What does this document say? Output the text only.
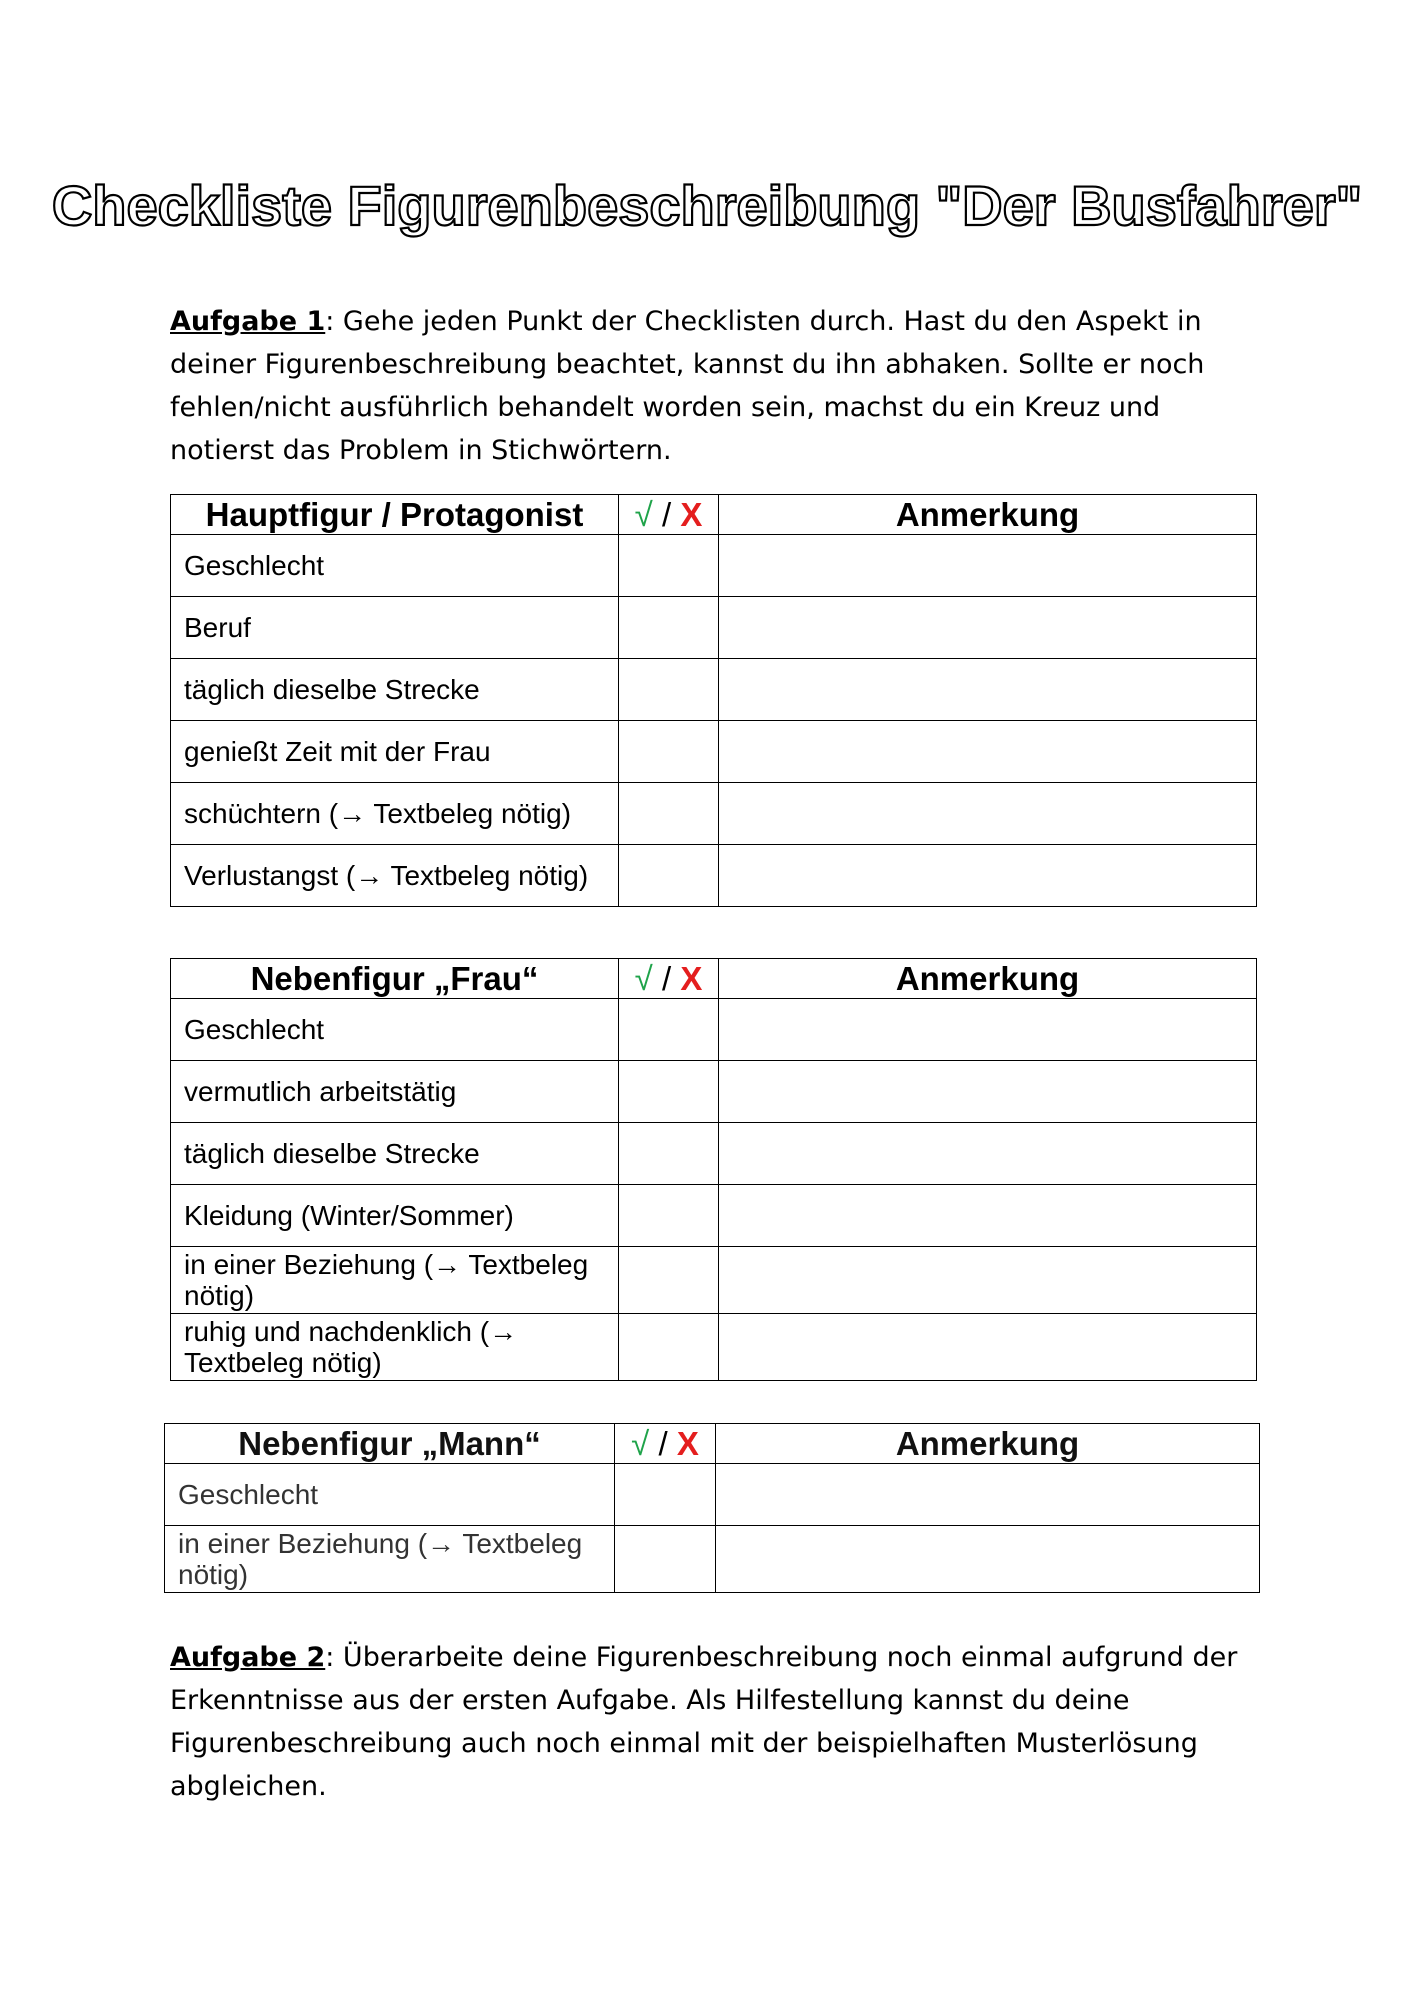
Checkliste Figurenbeschreibung "Der Busfahrer"
Aufgabe 1: Gehe jeden Punkt der Checklisten durch. Hast du den Aspekt in deiner Figurenbeschreibung beachtet, kannst du ihn abhaken. Sollte er noch fehlen/nicht ausführlich behandelt worden sein, machst du ein Kreuz und notierst das Problem in Stichwörtern.
Hauptfigur / Protagonist	√ / X	Anmerkung
Geschlecht		
Beruf		
täglich dieselbe Strecke		
genießt Zeit mit der Frau		
schüchtern (→ Textbeleg nötig)		
Verlustangst (→ Textbeleg nötig)		
Nebenfigur „Frau“	√ / X	Anmerkung
Geschlecht		
vermutlich arbeitstätig		
täglich dieselbe Strecke		
Kleidung (Winter/Sommer)		
in einer Beziehung (→ Textbeleg nötig)		
ruhig und nachdenklich (→ Textbeleg nötig)		
Nebenfigur „Mann“	√ / X	Anmerkung
Geschlecht		
in einer Beziehung (→ Textbeleg nötig)		
Aufgabe 2: Überarbeite deine Figurenbeschreibung noch einmal aufgrund der Erkenntnisse aus der ersten Aufgabe. Als Hilfestellung kannst du deine Figurenbeschreibung auch noch einmal mit der beispielhaften Musterlösung abgleichen.
